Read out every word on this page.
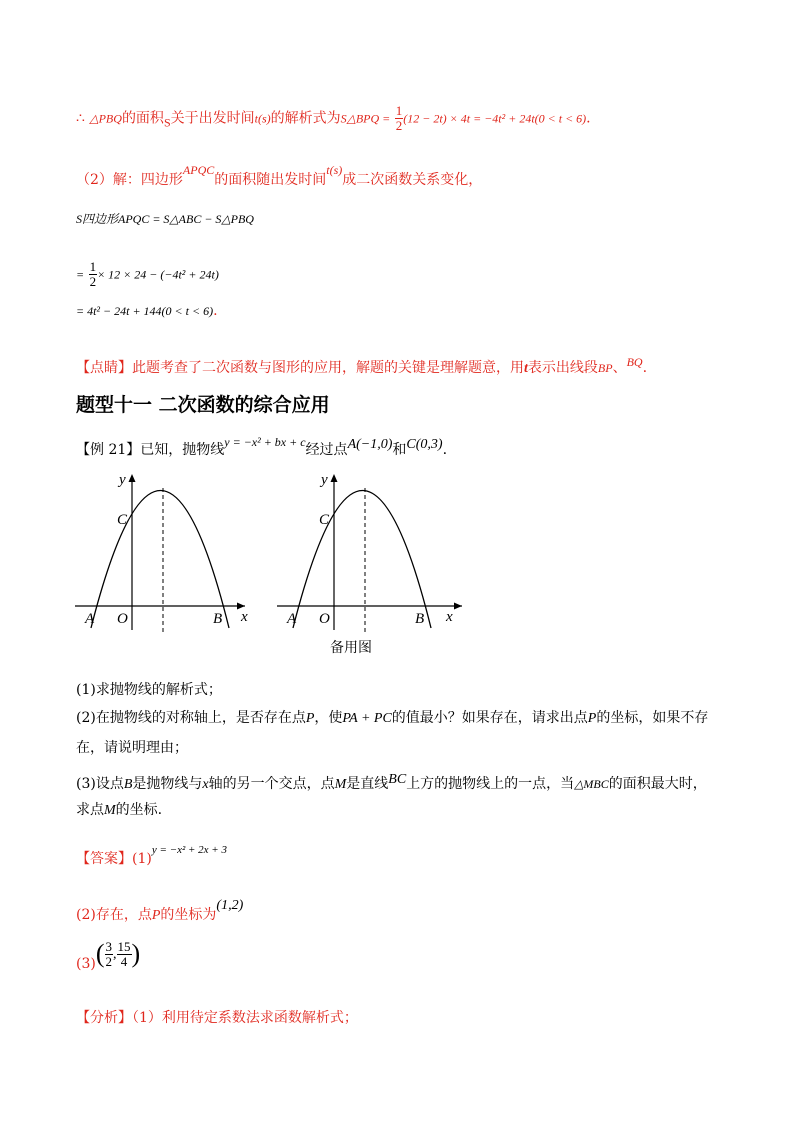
∴ △PBQ的面积S关于出发时间t(s)的解析式为S△BPQ = $\frac{1}{2} (12 - 2t) \times 4t = -4t^2 + 24t(0 < t < 6)$.
（2）解：四边形APQC的面积随出发时间t(s)成二次函数关系变化，
S四边形APQC = S△ABC − S△PBQ
= $\frac{1}{2} \times 12 \times 24 - (-4t^2 + 24t)$
= 4t² − 24t + 144(0 < t < 6).
【点睛】此题考查了二次函数与图形的应用，解题的关键是理解题意，用t表示出线段BP、BQ.
题型十一 二次函数的综合应用
【例 21】已知，抛物线y = −x² + bx + c经过点A(−1,0)和C(0,3).
y
x
C
A O	B
y
x
C
A O	B
备用图
(1)求抛物线的解析式；
(2)在抛物线的对称轴上，是否存在点P，使PA + PC的值最小？如果存在，请求出点P的坐标，如果不存
在，请说明理由；
(3)设点B是抛物线与x轴的另一个交点，点M是直线BC上方的抛物线上的一点，当△MBC的面积最大时，
求点M的坐标.
【答案】$(1)^{y = -x^2 + 2x + 3}$
(2)存在，点P的坐标为(1,2)
$(3)( \frac{3}{2}$ , $\frac{15}{4}$ )
【分析】（1）利用待定系数法求函数解析式；
